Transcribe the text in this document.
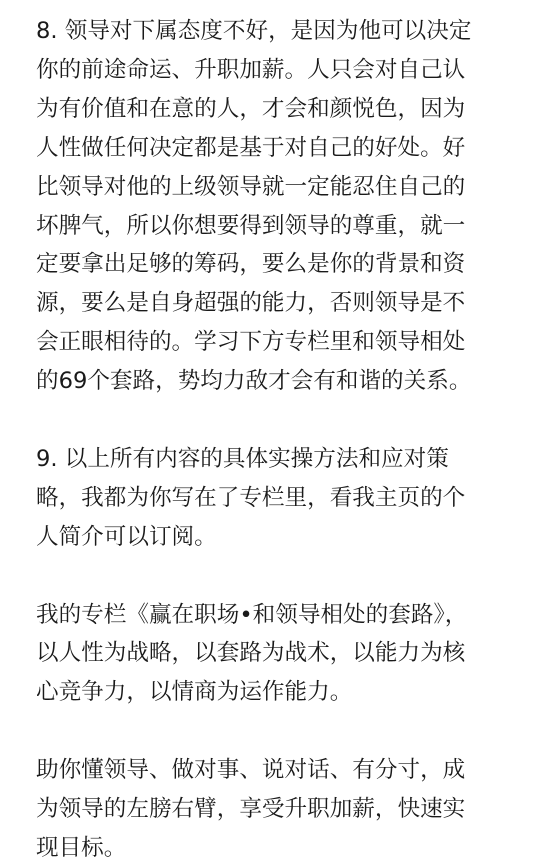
8. 领导对下属态度不好，是因为他可以决定
你的前途命运、升职加薪。人只会对自己认
为有价值和在意的人，才会和颜悦色，因为
人性做任何决定都是基于对自己的好处。好
比领导对他的上级领导就一定能忍住自己的
坏脾气，所以你想要得到领导的尊重，就一
定要拿出足够的筹码，要么是你的背景和资
源，要么是自身超强的能力，否则领导是不
会正眼相待的。学习下方专栏里和领导相处
的69个套路，势均力敌才会有和谐的关系。

9. 以上所有内容的具体实操方法和应对策
略，我都为你写在了专栏里，看我主页的个
人简介可以订阅。

我的专栏《赢在职场•和领导相处的套路》，
以人性为战略，以套路为战术，以能力为核
心竞争力，以情商为运作能力。

助你懂领导、做对事、说对话、有分寸，成
为领导的左膀右臂，享受升职加薪，快速实
现目标。
